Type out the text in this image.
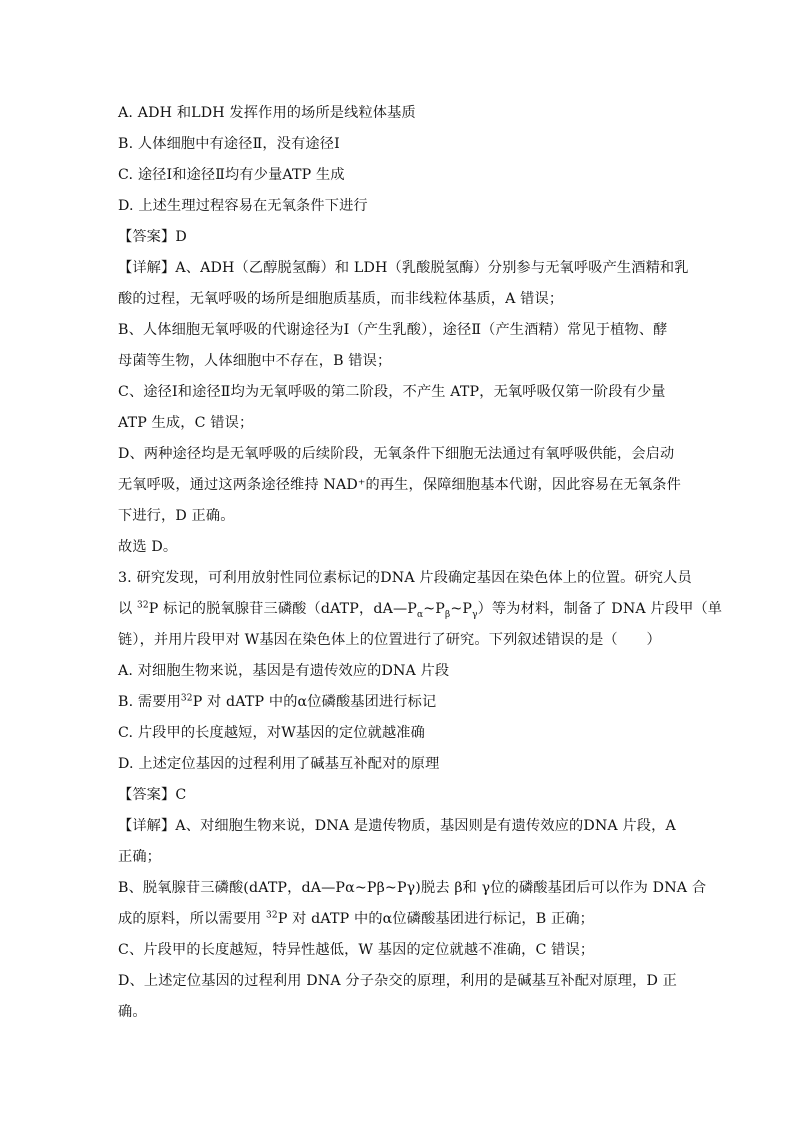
A. ADH 和LDH 发挥作用的场所是线粒体基质
B. 人体细胞中有途径Ⅱ，没有途径Ⅰ
C. 途径Ⅰ和途径Ⅱ均有少量ATP 生成
D. 上述生理过程容易在无氧条件下进行
【答案】D
【详解】A、ADH（乙醇脱氢酶）和 LDH（乳酸脱氢酶）分别参与无氧呼吸产生酒精和乳
酸的过程，无氧呼吸的场所是细胞质基质，而非线粒体基质，A 错误；
B、人体细胞无氧呼吸的代谢途径为Ⅰ（产生乳酸），途径Ⅱ（产生酒精）常见于植物、酵
母菌等生物，人体细胞中不存在，B 错误；
C、途径Ⅰ和途径Ⅱ均为无氧呼吸的第二阶段，不产生 ATP，无氧呼吸仅第一阶段有少量
ATP 生成，C 错误；
D、两种途径均是无氧呼吸的后续阶段，无氧条件下细胞无法通过有氧呼吸供能，会启动
无氧呼吸，通过这两条途径维持 NAD⁺的再生，保障细胞基本代谢，因此容易在无氧条件
下进行，D 正确。
故选 D。
3. 研究发现，可利用放射性同位素标记的DNA 片段确定基因在染色体上的位置。研究人员
以 $^{32}$P 标记的脱氧腺苷三磷酸（dATP，$dA—P_\alpha\sim P_\beta\sim P_\gamma$）等为材料，制备了 DNA 片段甲（单
链），并用片段甲对 W基因在染色体上的位置进行了研究。下列叙述错误的是（　　）
A. 对细胞生物来说，基因是有遗传效应的DNA 片段
B. 需要用$^{32}$P 对 dATP 中的α位磷酸基团进行标记
C. 片段甲的长度越短，对W基因的定位就越准确
D. 上述定位基因的过程利用了碱基互补配对的原理
【答案】C
【详解】A、对细胞生物来说，DNA 是遗传物质，基因则是有遗传效应的DNA 片段，A
正确；
B、脱氧腺苷三磷酸(dATP，dA—Pα~Pβ~Pγ)脱去 β和 γ位的磷酸基团后可以作为 DNA 合
成的原料，所以需要用 $^{32}$P 对 dATP 中的α位磷酸基团进行标记，B 正确；
C、片段甲的长度越短，特异性越低，W 基因的定位就越不准确，C 错误；
D、上述定位基因的过程利用 DNA 分子杂交的原理，利用的是碱基互补配对原理，D 正
确。
